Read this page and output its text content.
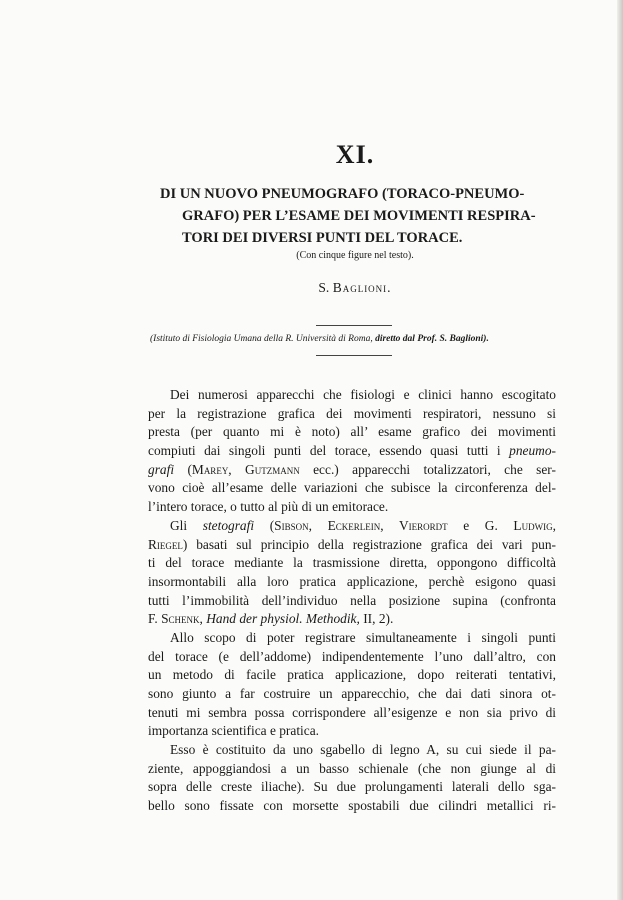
XI.
DI UN NUOVO PNEUMOGRAFO (TORACO-PNEUMO-
GRAFO) PER L’ESAME DEI MOVIMENTI RESPIRA-
TORI DEI DIVERSI PUNTI DEL TORACE.
(Con cinque figure nel testo).
S. Baglioni.
(Istituto di Fisiologia Umana della R. Università di Roma, diretto dal Prof. S. Baglioni).
Dei numerosi apparecchi che fisiologi e clinici hanno escogitato
per la registrazione grafica dei movimenti respiratori, nessuno si
presta (per quanto mi è noto) all’ esame grafico dei movimenti
compiuti dai singoli punti del torace, essendo quasi tutti i pneumo-
grafi (Marey, Gutzmann ecc.) apparecchi totalizzatori, che ser-
vono cioè all’esame delle variazioni che subisce la circonferenza del-
l’intero torace, o tutto al più di un emitorace.
Gli stetografi (Sibson, Eckerlein, Vierordt e G. Ludwig,
Riegel) basati sul principio della registrazione grafica dei vari pun-
ti del torace mediante la trasmissione diretta, oppongono difficoltà
insormontabili alla loro pratica applicazione, perchè esigono quasi
tutti l’immobilità dell’individuo nella posizione supina (confronta
F. Schenk, Hand der physiol. Methodik, II, 2).
Allo scopo di poter registrare simultaneamente i singoli punti
del torace (e dell’addome) indipendentemente l’uno dall’altro, con
un metodo di facile pratica applicazione, dopo reiterati tentativi,
sono giunto a far costruire un apparecchio, che dai dati sinora ot-
tenuti mi sembra possa corrispondere all’esigenze e non sia privo di
importanza scientifica e pratica.
Esso è costituito da uno sgabello di legno A, su cui siede il pa-
ziente, appoggiandosi a un basso schienale (che non giunge al di
sopra delle creste iliache). Su due prolungamenti laterali dello sga-
bello sono fissate con morsette spostabili due cilindri metallici ri-
